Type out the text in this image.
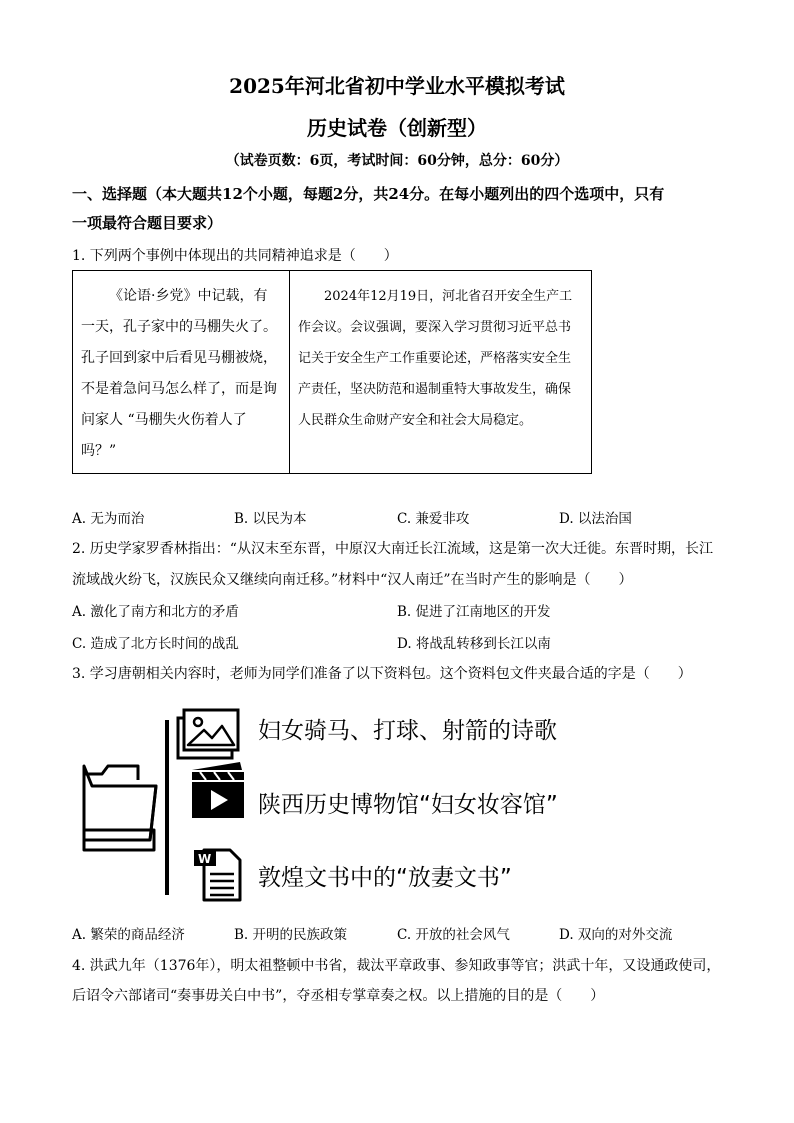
2025年河北省初中学业水平模拟考试
历史试卷（创新型）
（试卷页数：6页，考试时间：60分钟，总分：60分）
一、选择题（本大题共12个小题，每题2分，共24分。在每小题列出的四个选项中，只有
一项最符合题目要求）
1. 下列两个事例中体现出的共同精神追求是（　　）

《论语·乡党》中记载，有一天，孔子家中的马棚失火了。孔子回到家中后看见马棚被烧，不是着急问马怎么样了，而是询问家人 “马棚失火伤着人了吗？”

2024年12月19日，河北省召开安全生产工作会议。会议强调，要深入学习贯彻习近平总书记关于安全生产工作重要论述，严格落实安全生产责任，坚决防范和遏制重特大事故发生，确保人民群众生命财产安全和社会大局稳定。

A. 无为而治	B. 以民为本	C. 兼爱非攻	D. 以法治国
2. 历史学家罗香林指出：“从汉末至东晋，中原汉大南迁长江流域，这是第一次大迁徙。东晋时期，长江
流域战火纷飞，汉族民众又继续向南迁移。”材料中“汉人南迁”在当时产生的影响是（　　）
A. 激化了南方和北方的矛盾	B. 促进了江南地区的开发
C. 造成了北方长时间的战乱	D. 将战乱转移到长江以南
3. 学习唐朝相关内容时，老师为同学们准备了以下资料包。这个资料包文件夹最合适的字是（　　）
W
妇女骑马、打球、射箭的诗歌
陕西历史博物馆“妇女妆容馆”
敦煌文书中的“放妻文书”
A. 繁荣的商品经济	B. 开明的民族政策	C. 开放的社会风气	D. 双向的对外交流
4. 洪武九年（1376年），明太祖整顿中书省，裁汰平章政事、参知政事等官；洪武十年，又设通政使司，
后诏令六部诸司“奏事毋关白中书”，夺丞相专掌章奏之权。以上措施的目的是（　　）
